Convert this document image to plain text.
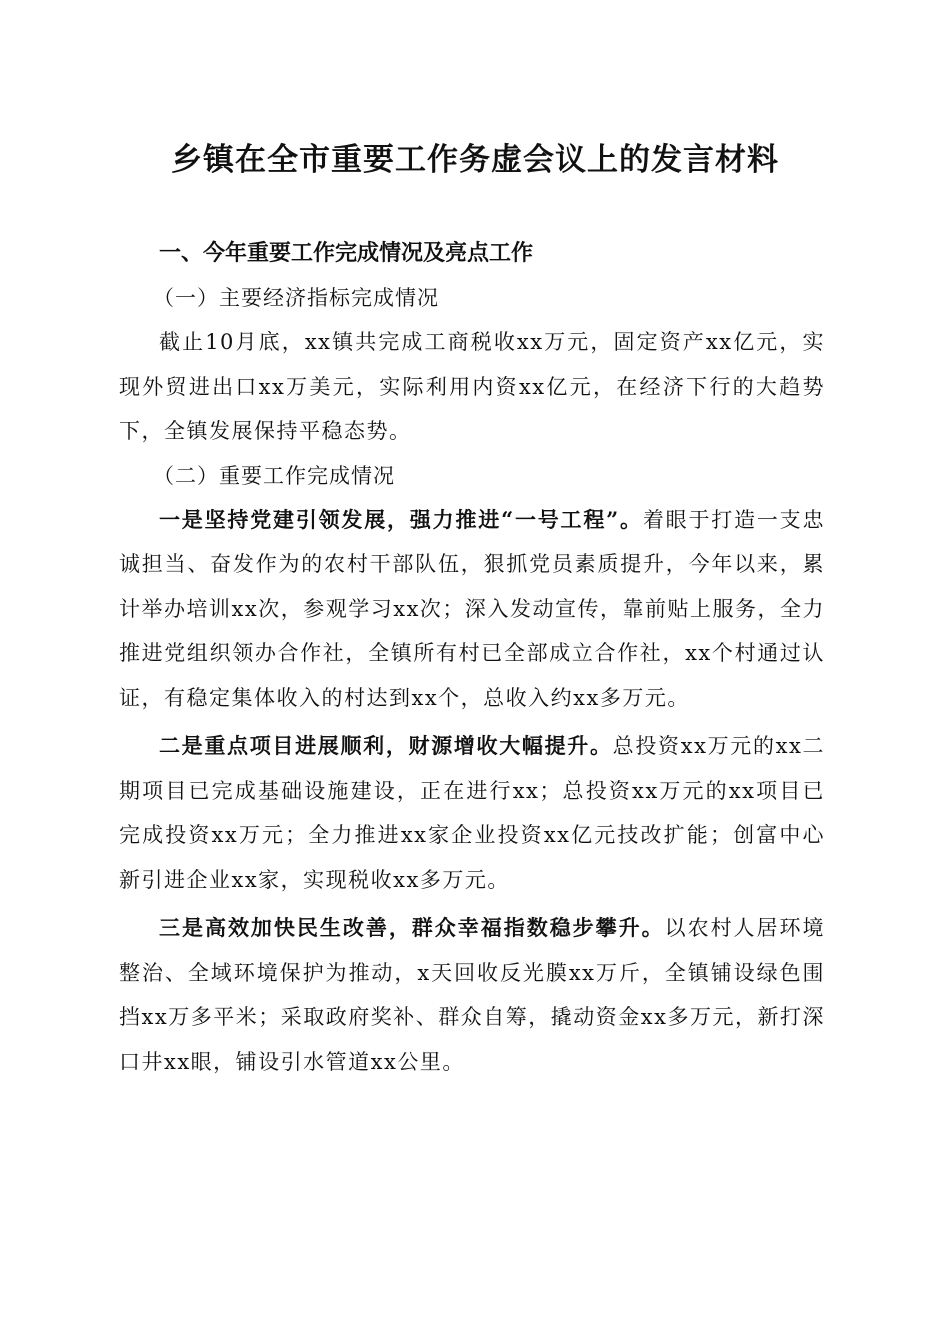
乡镇在全市重要工作务虚会议上的发言材料

一、今年重要工作完成情况及亮点工作

（一）主要经济指标完成情况

截止10月底，xx镇共完成工商税收xx万元，固定资产xx亿元，实现外贸进出口xx万美元，实际利用内资xx亿元，在经济下行的大趋势下，全镇发展保持平稳态势。

（二）重要工作完成情况

一是坚持党建引领发展，强力推进“一号工程”。着眼于打造一支忠诚担当、奋发作为的农村干部队伍，狠抓党员素质提升，今年以来，累计举办培训xx次，参观学习xx次；深入发动宣传，靠前贴上服务，全力推进党组织领办合作社，全镇所有村已全部成立合作社，xx个村通过认证，有稳定集体收入的村达到xx个，总收入约xx多万元。

二是重点项目进展顺利，财源增收大幅提升。总投资xx万元的xx二期项目已完成基础设施建设，正在进行xx；总投资xx万元的xx项目已完成投资xx万元；全力推进xx家企业投资xx亿元技改扩能；创富中心新引进企业xx家，实现税收xx多万元。

三是高效加快民生改善，群众幸福指数稳步攀升。以农村人居环境整治、全域环境保护为推动，x天回收反光膜xx万斤，全镇铺设绿色围挡xx万多平米；采取政府奖补、群众自筹，撬动资金xx多万元，新打深口井xx眼，铺设引水管道xx公里。
